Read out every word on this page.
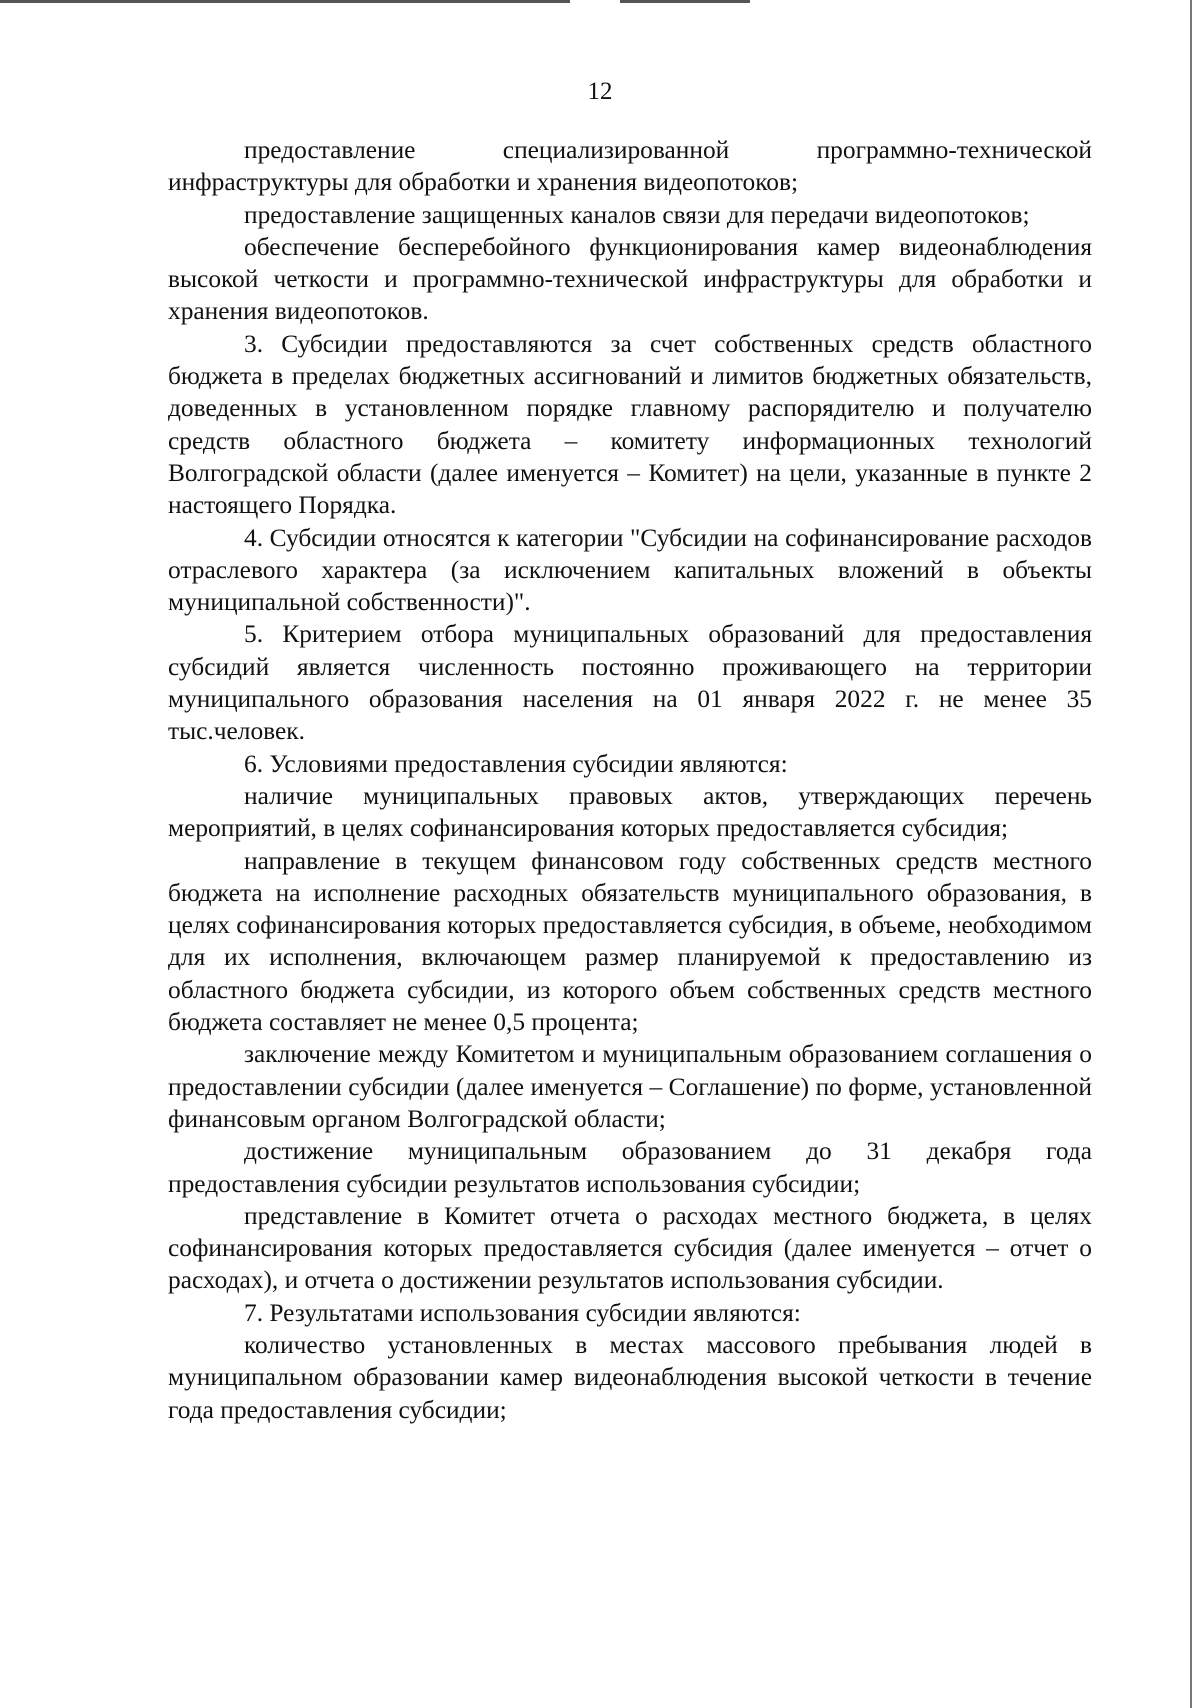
12

предоставление специализированной программно-технической инфраструктуры для обработки и хранения видеопотоков;

предоставление защищенных каналов связи для передачи видеопотоков;

обеспечение бесперебойного функционирования камер видеонаблюдения высокой четкости и программно-технической инфраструктуры для обработки и хранения видеопотоков.

3. Субсидии предоставляются за счет собственных средств областного бюджета в пределах бюджетных ассигнований и лимитов бюджетных обязательств, доведенных в установленном порядке главному распорядителю и получателю средств областного бюджета – комитету информационных технологий Волгоградской области (далее именуется – Комитет) на цели, указанные в пункте 2 настоящего Порядка.

4. Субсидии относятся к категории "Субсидии на софинансирование расходов отраслевого характера (за исключением капитальных вложений в объекты муниципальной собственности)".

5. Критерием отбора муниципальных образований для предоставления субсидий является численность постоянно проживающего на территории муниципального образования населения на 01 января 2022 г. не менее 35 тыс.человек.

6. Условиями предоставления субсидии являются:

наличие муниципальных правовых актов, утверждающих перечень мероприятий, в целях софинансирования которых предоставляется субсидия;

направление в текущем финансовом году собственных средств местного бюджета на исполнение расходных обязательств муниципального образования, в целях софинансирования которых предоставляется субсидия, в объеме, необходимом для их исполнения, включающем размер планируемой к предоставлению из областного бюджета субсидии, из которого объем собственных средств местного бюджета составляет не менее 0,5 процента;

заключение между Комитетом и муниципальным образованием соглашения о предоставлении субсидии (далее именуется – Соглашение) по форме, установленной финансовым органом Волгоградской области;

достижение муниципальным образованием до 31 декабря года предоставления субсидии результатов использования субсидии;

представление в Комитет отчета о расходах местного бюджета, в целях софинансирования которых предоставляется субсидия (далее именуется – отчет о расходах), и отчета о достижении результатов использования субсидии.

7. Результатами использования субсидии являются:

количество установленных в местах массового пребывания людей в муниципальном образовании камер видеонаблюдения высокой четкости в течение года предоставления субсидии;
